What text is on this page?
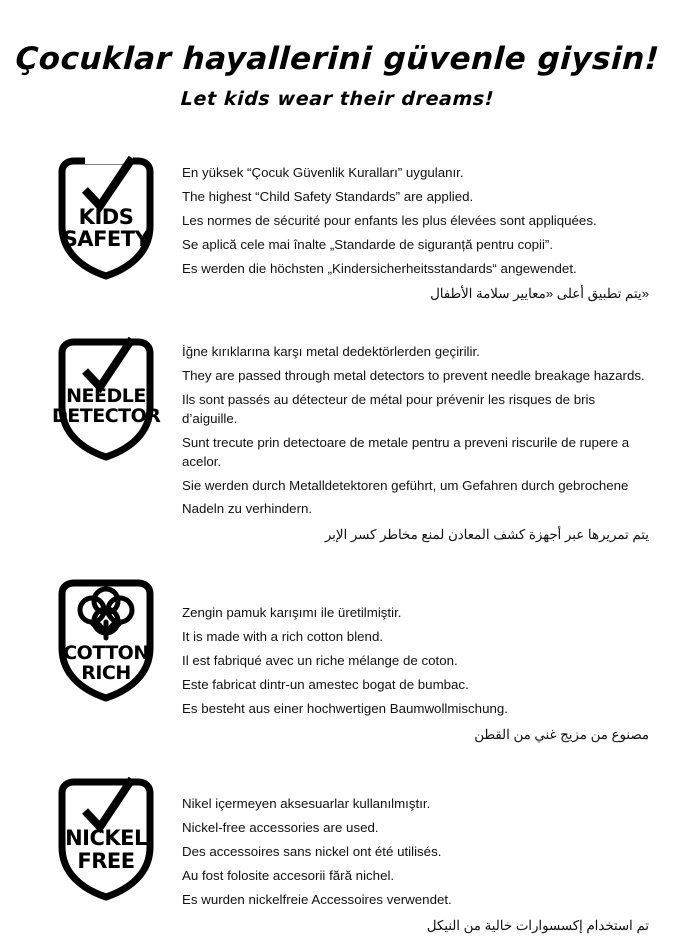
Çocuklar hayallerini güvenle giysin!

Let kids wear their dreams!

KIDS
SAFETY

En yüksek “Çocuk Güvenlik Kuralları” uygulanır.

The highest “Child Safety Standards” are applied.

Les normes de sécurité pour enfants les plus élevées sont appliquées.

Se aplică cele mai înalte „Standarde de siguranță pentru copii”.

Es werden die höchsten „Kindersicherheitsstandards“ angewendet.

«يتم تطبيق أعلى «معايير سلامة الأطفال

NEEDLE
DETECTOR

İğne kırıklarına karşı metal dedektörlerden geçirilir.

They are passed through metal detectors to prevent needle breakage hazards.

Ils sont passés au détecteur de métal pour prévenir les risques de bris d’aiguille.

Sunt trecute prin detectoare de metale pentru a preveni riscurile de rupere a acelor.

Sie werden durch Metalldetektoren geführt, um Gefahren durch gebrochene

Nadeln zu verhindern.

يتم تمريرها عبر أجهزة كشف المعادن لمنع مخاطر كسر الإبر

COTTON
RICH

Zengin pamuk karışımı ile üretilmiştir.

It is made with a rich cotton blend.

Il est fabriqué avec un riche mélange de coton.

Este fabricat dintr-un amestec bogat de bumbac.

Es besteht aus einer hochwertigen Baumwollmischung.

مصنوع من مزيج غني من القطن

NICKEL
FREE

Nikel içermeyen aksesuarlar kullanılmıştır.

Nickel-free accessories are used.

Des accessoires sans nickel ont été utilisés.

Au fost folosite accesorii fără nichel.

Es wurden nickelfreie Accessoires verwendet.

تم استخدام إكسسوارات خالية من النيكل
